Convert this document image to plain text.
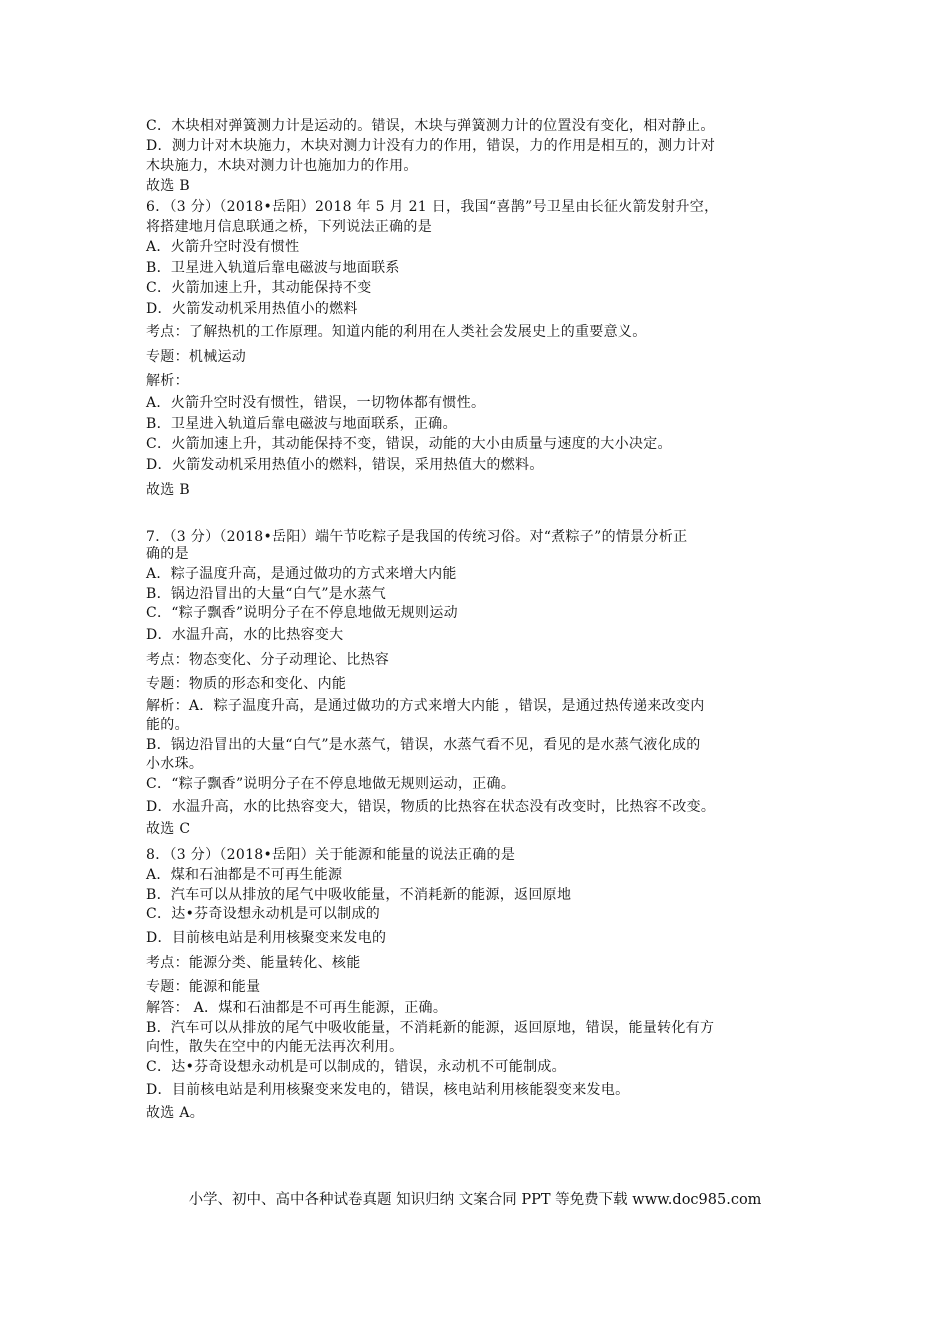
C．木块相对弹簧测力计是运动的。错误，木块与弹簧测力计的位置没有变化，相对静止。
D．测力计对木块施力，木块对测力计没有力的作用，错误，力的作用是相互的，测力计对
木块施力，木块对测力计也施加力的作用。
故选 B
6．（3 分）（2018•岳阳）2018 年 5 月 21 日，我国“喜鹊”号卫星由长征火箭发射升空，
将搭建地月信息联通之桥，下列说法正确的是
A．火箭升空时没有惯性
B．卫星进入轨道后靠电磁波与地面联系
C．火箭加速上升，其动能保持不变
D．火箭发动机采用热值小的燃料
考点：了解热机的工作原理。知道内能的利用在人类社会发展史上的重要意义。
专题：机械运动
解析：
A．火箭升空时没有惯性，错误，一切物体都有惯性。
B．卫星进入轨道后靠电磁波与地面联系，正确。
C．火箭加速上升，其动能保持不变，错误，动能的大小由质量与速度的大小决定。
D．火箭发动机采用热值小的燃料，错误，采用热值大的燃料。
故选 B
7．（3 分）（2018•岳阳）端午节吃粽子是我国的传统习俗。对“煮粽子”的情景分析正
确的是
A．粽子温度升高，是通过做功的方式来增大内能
B．锅边沿冒出的大量“白气”是水蒸气
C．“粽子飘香”说明分子在不停息地做无规则运动
D．水温升高，水的比热容变大
考点：物态变化、分子动理论、比热容
专题：物质的形态和变化、内能
解析：A．粽子温度升高，是通过做功的方式来增大内能 ，错误，是通过热传递来改变内
能的。
B．锅边沿冒出的大量“白气”是水蒸气，错误，水蒸气看不见，看见的是水蒸气液化成的
小水珠。
C．“粽子飘香”说明分子在不停息地做无规则运动，正确。
D．水温升高，水的比热容变大，错误，物质的比热容在状态没有改变时，比热容不改变。
故选 C
8．（3 分）（2018•岳阳）关于能源和能量的说法正确的是
A．煤和石油都是不可再生能源
B．汽车可以从排放的尾气中吸收能量，不消耗新的能源，返回原地
C．达•芬奇设想永动机是可以制成的
D．目前核电站是利用核聚变来发电的
考点：能源分类、能量转化、核能
专题：能源和能量
解答： A．煤和石油都是不可再生能源，正确。
B．汽车可以从排放的尾气中吸收能量，不消耗新的能源，返回原地，错误，能量转化有方
向性，散失在空中的内能无法再次利用。
C．达•芬奇设想永动机是可以制成的，错误，永动机不可能制成。
D．目前核电站是利用核聚变来发电的，错误，核电站利用核能裂变来发电。
故选 A。
小学、初中、高中各种试卷真题 知识归纳 文案合同 PPT 等免费下载 www.doc985.com
